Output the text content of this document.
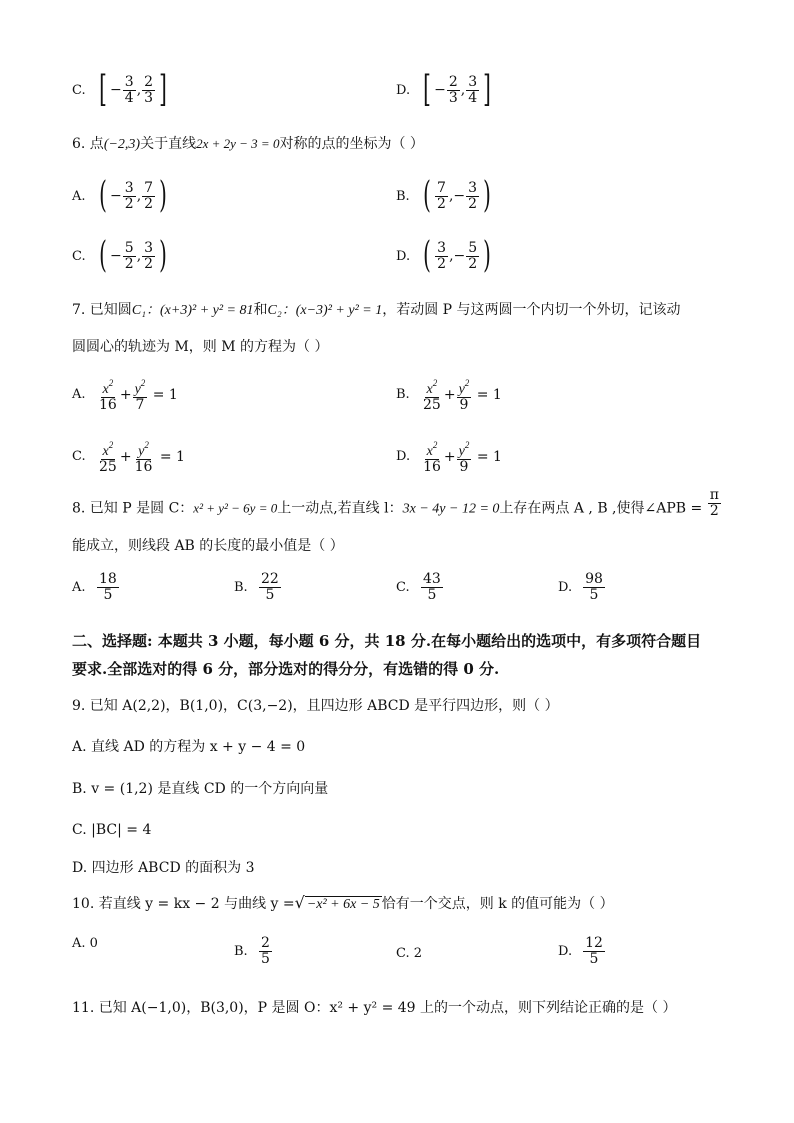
C. [ − $\frac{3}{4}$ , $\frac{2}{3}$ ]	D. [ − $\frac{2}{3}$ , $\frac{3}{4}$ ]
6. 点(−2,3)关于直线2x + 2y − 3 = 0对称的点的坐标为（ ）
A. ( − $\frac{3}{2}$ , $\frac{7}{2}$ )	B. ( $\frac{7}{2}$ , − $\frac{3}{2}$ )
C. ( − $\frac{5}{2}$ , $\frac{3}{2}$ )	D. ( $\frac{3}{2}$ , − $\frac{5}{2}$ )
7. 已知圆C₁：(x+3)² + y² = 81和C₂：(x−3)² + y² = 1，若动圆 P 与这两圆一个内切一个外切，记该动
圆圆心的轨迹为 M，则 M 的方程为（ ）
A. $\frac{x^2}{16} + \frac{y^2}{7}$
= 1	B. $\frac{x^2}{25} + \frac{y^2}{9}$
= 1
C. $\frac{x^2}{25} + \frac{y^2}{16}$
= 1	D. $\frac{x^2}{16} + \frac{y^2}{9}$
= 1
8. 已知 P 是圆 C：x² + y² − 6y = 0上一动点,若直线 l：3x − 4y − 12 = 0上存在两点 A , B ,使得∠APB = $\frac{\pi}{2}$
能成立，则线段 AB 的长度的最小值是（ ）
A. $\frac{18}{5}$	B. $\frac{22}{5}$	C. $\frac{43}{5}$	D. $\frac{98}{5}$
二、选择题: 本题共 3 小题，每小题 6 分，共 18 分.在每小题给出的选项中，有多项符合题目
要求.全部选对的得 6 分，部分选对的得分分，有选错的得 0 分.
9. 已知 A(2,2)，B(1,0)，C(3,−2)，且四边形 ABCD 是平行四边形，则（ ）
A. 直线 AD 的方程为 x + y − 4 = 0
B. v = (1,2) 是直线 CD 的一个方向向量
C. |BC| = 4
D. 四边形 ABCD 的面积为 3
10. 若直线 y = kx − 2 与曲线 y =√ −x² + 6x − 5 恰有一个交点，则 k 的值可能为（ ）
A. 0
B. $\frac{2}{5}$	C. 2	D. $\frac{12}{5}$
11. 已知 A(−1,0)，B(3,0)，P 是圆 O：x² + y² = 49 上的一个动点，则下列结论正确的是（ ）
